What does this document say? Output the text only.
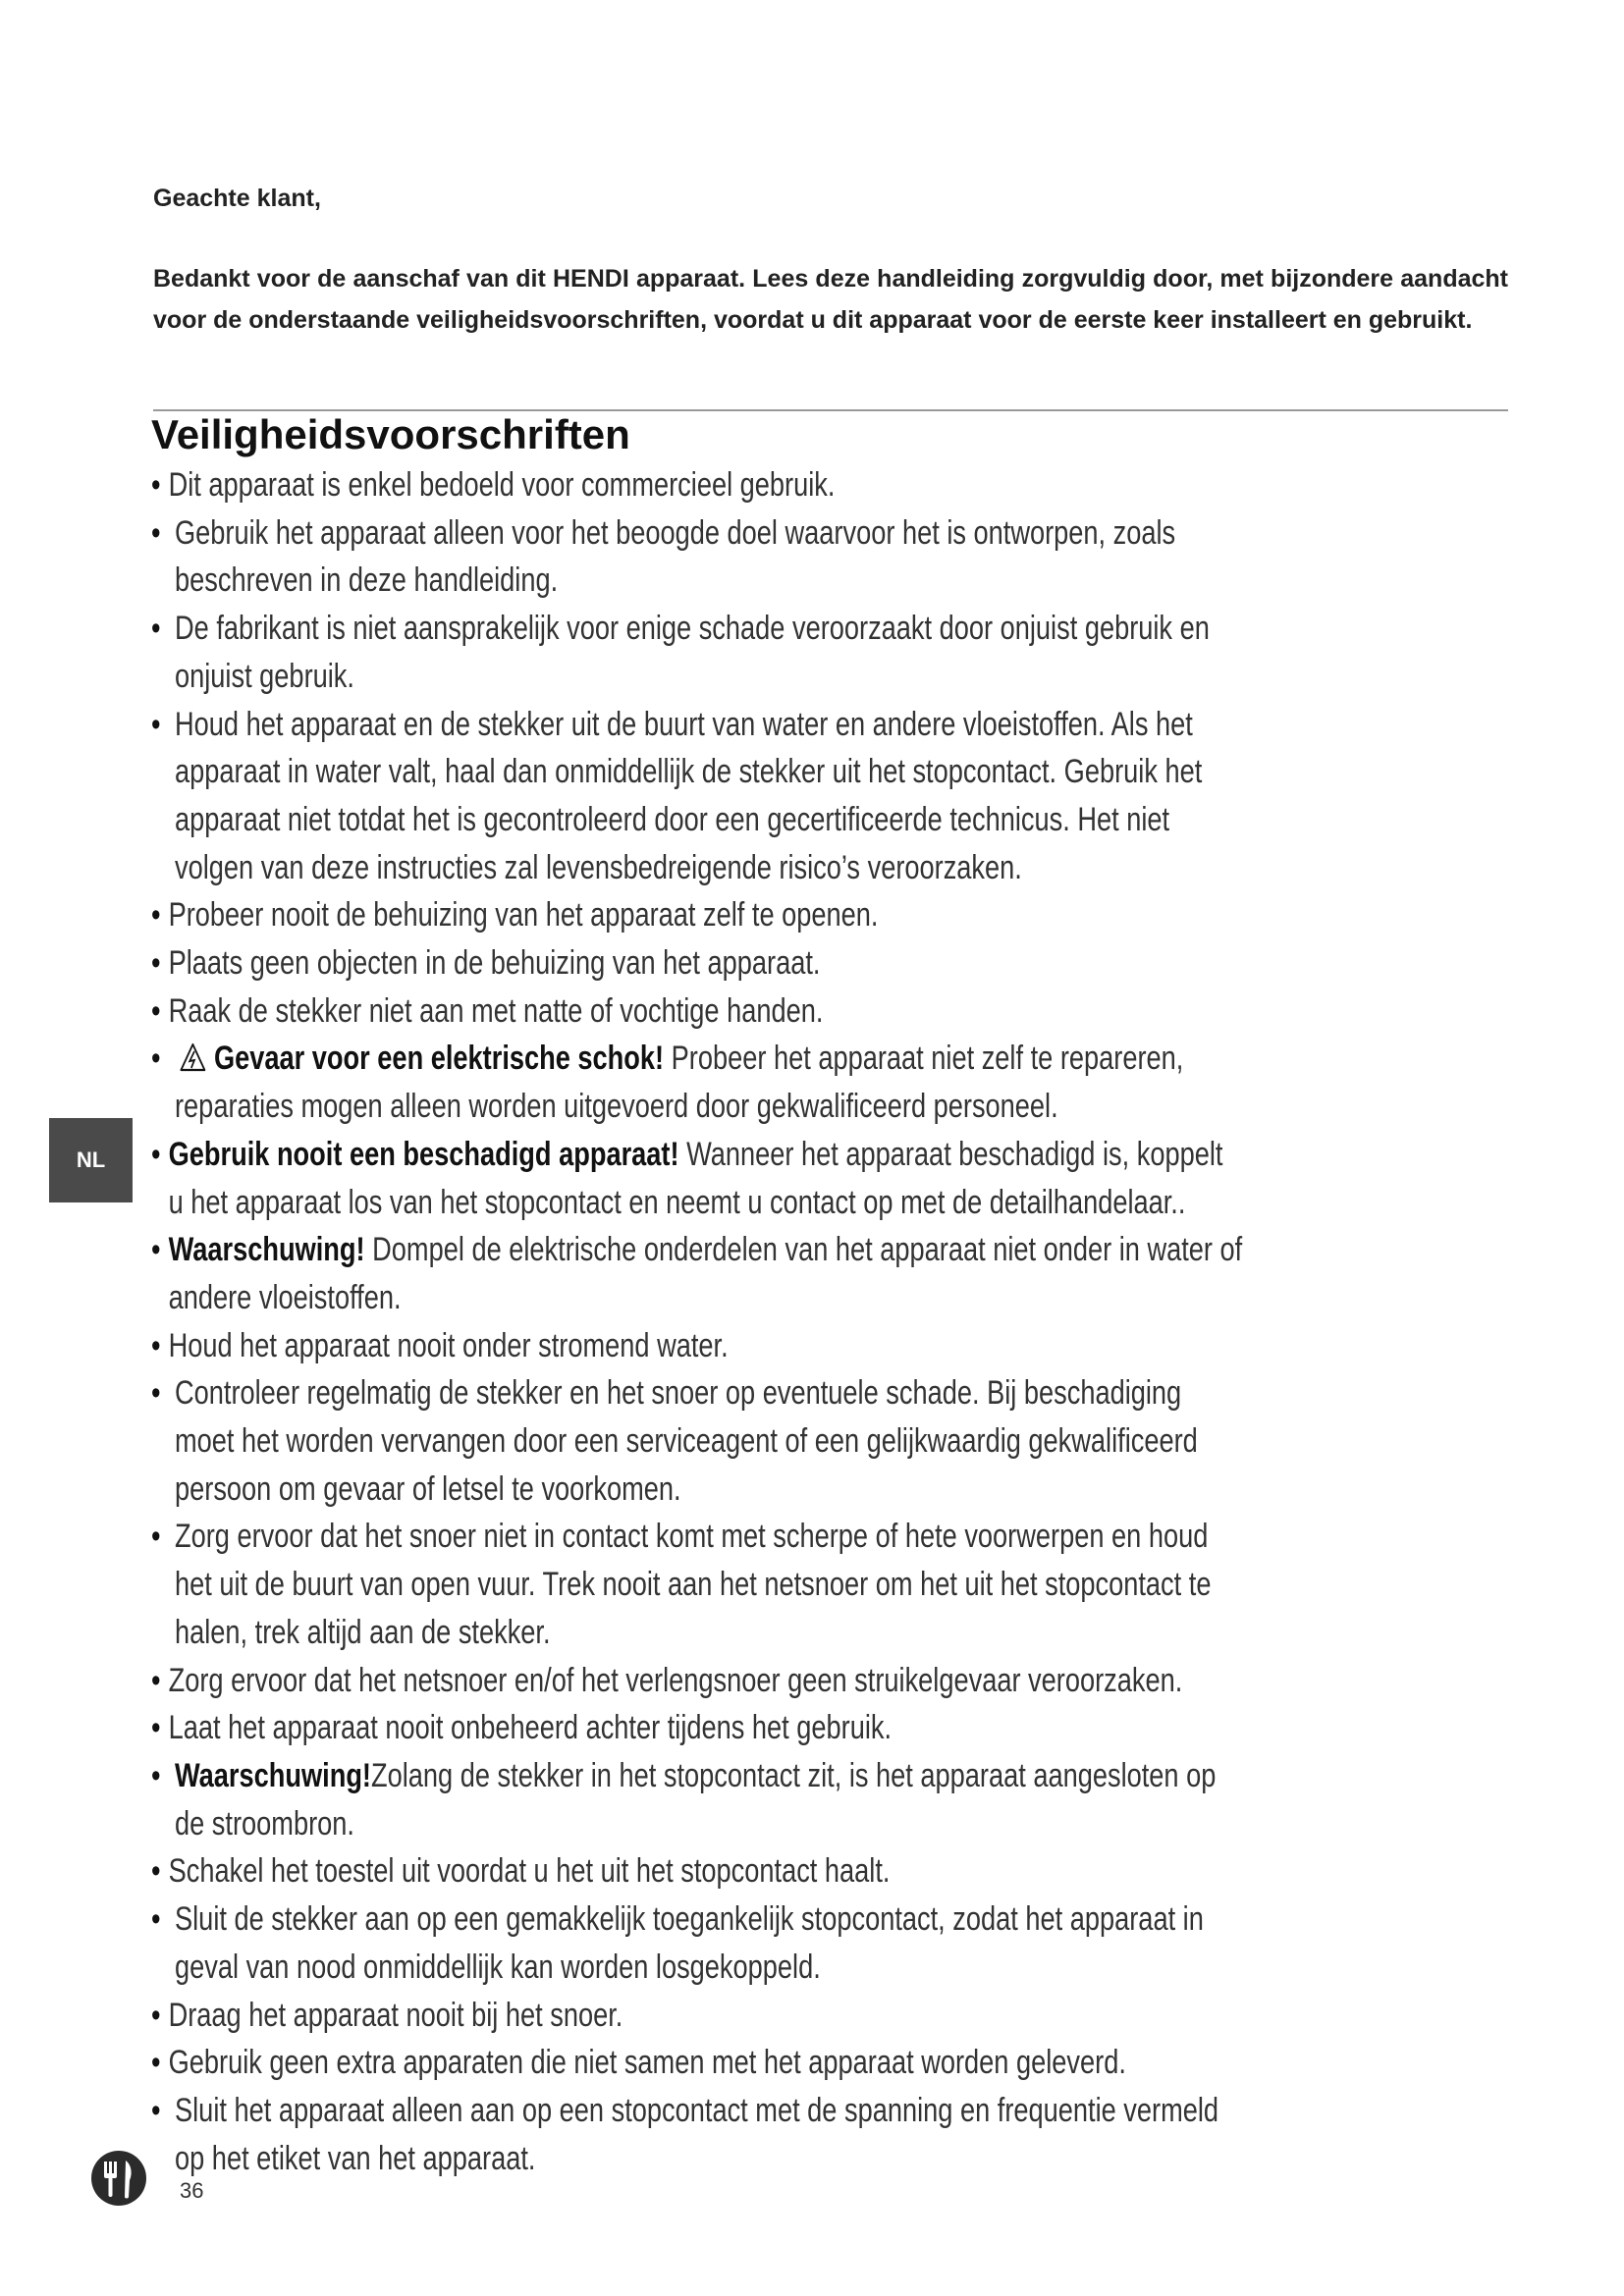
Geachte klant,

Bedankt voor de aanschaf van dit HENDI apparaat. Lees deze handleiding zorgvuldig door, met bijzondere aandacht voor de onderstaande veiligheidsvoorschriften, voordat u dit apparaat voor de eerste keer installeert en gebruikt.

Veiligheidsvoorschriften
• Dit apparaat is enkel bedoeld voor commercieel gebruik.
• Gebruik het apparaat alleen voor het beoogde doel waarvoor het is ontworpen, zoals beschreven in deze handleiding.
• De fabrikant is niet aansprakelijk voor enige schade veroorzaakt door onjuist gebruik en onjuist gebruik.
• Houd het apparaat en de stekker uit de buurt van water en andere vloeistoffen. Als het apparaat in water valt, haal dan onmiddellijk de stekker uit het stopcontact. Gebruik het apparaat niet totdat het is gecontroleerd door een gecertificeerde technicus. Het niet volgen van deze instructies zal levensbedreigende risico’s veroorzaken.
• Probeer nooit de behuizing van het apparaat zelf te openen.
• Plaats geen objecten in de behuizing van het apparaat.
• Raak de stekker niet aan met natte of vochtige handen.
• Gevaar voor een elektrische schok! Probeer het apparaat niet zelf te repareren, reparaties mogen alleen worden uitgevoerd door gekwalificeerd personeel.
• Gebruik nooit een beschadigd apparaat! Wanneer het apparaat beschadigd is, koppelt u het apparaat los van het stopcontact en neemt u contact op met de detailhandelaar..
• Waarschuwing! Dompel de elektrische onderdelen van het apparaat niet onder in water of andere vloeistoffen.
• Houd het apparaat nooit onder stromend water.
• Controleer regelmatig de stekker en het snoer op eventuele schade. Bij beschadiging moet het worden vervangen door een serviceagent of een gelijkwaardig gekwalificeerd persoon om gevaar of letsel te voorkomen.
• Zorg ervoor dat het snoer niet in contact komt met scherpe of hete voorwerpen en houd het uit de buurt van open vuur. Trek nooit aan het netsnoer om het uit het stopcontact te halen, trek altijd aan de stekker.
• Zorg ervoor dat het netsnoer en/of het verlengsnoer geen struikelgevaar veroorzaken.
• Laat het apparaat nooit onbeheerd achter tijdens het gebruik.
• Waarschuwing!Zolang de stekker in het stopcontact zit, is het apparaat aangesloten op de stroombron.
• Schakel het toestel uit voordat u het uit het stopcontact haalt.
• Sluit de stekker aan op een gemakkelijk toegankelijk stopcontact, zodat het apparaat in geval van nood onmiddellijk kan worden losgekoppeld.
• Draag het apparaat nooit bij het snoer.
• Gebruik geen extra apparaten die niet samen met het apparaat worden geleverd.
• Sluit het apparaat alleen aan op een stopcontact met de spanning en frequentie vermeld op het etiket van het apparaat.
NL
36
